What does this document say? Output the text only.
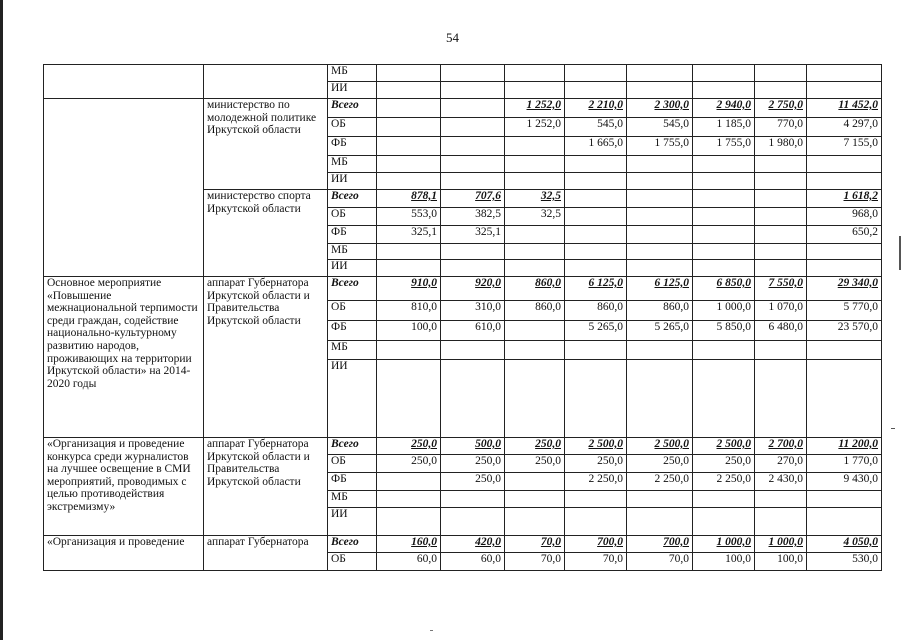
54
		МБ								
		ИИ								
	министерство по молодежной политике Иркутской области	Всего			1 252,0	2 210,0	2 300,0	2 940,0	2 750,0	11 452,0
		ОБ			1 252,0	545,0	545,0	1 185,0	770,0	4 297,0
		ФБ				1 665,0	1 755,0	1 755,0	1 980,0	7 155,0
		МБ								
		ИИ								
	министерство спорта Иркутской области	Всего	878,1	707,6	32,5					1 618,2
		ОБ	553,0	382,5	32,5					968,0
		ФБ	325,1	325,1						650,2
		МБ								
		ИИ								
Основное мероприятие «Повышение межнациональной терпимости среди граждан, содействие национально-культурному развитию народов, проживающих на территории Иркутской области» на 2014-2020 годы	аппарат Губернатора Иркутской области и Правительства Иркутской области	Всего	910,0	920,0	860,0	6 125,0	6 125,0	6 850,0	7 550,0	29 340,0
		ОБ	810,0	310,0	860,0	860,0	860,0	1 000,0	1 070,0	5 770,0
		ФБ	100,0	610,0		5 265,0	5 265,0	5 850,0	6 480,0	23 570,0
		МБ								
		ИИ								
«Организация и проведение конкурса среди журналистов на лучшее освещение в СМИ мероприятий, проводимых с целью противодействия экстремизму»	аппарат Губернатора Иркутской области и Правительства Иркутской области	Всего	250,0	500,0	250,0	2 500,0	2 500,0	2 500,0	2 700,0	11 200,0
		ОБ	250,0	250,0	250,0	250,0	250,0	250,0	270,0	1 770,0
		ФБ		250,0		2 250,0	2 250,0	2 250,0	2 430,0	9 430,0
		МБ								
		ИИ								
«Организация и проведение	аппарат Губернатора	Всего	160,0	420,0	70,0	700,0	700,0	1 000,0	1 000,0	4 050,0
		ОБ	60,0	60,0	70,0	70,0	70,0	100,0	100,0	530,0
